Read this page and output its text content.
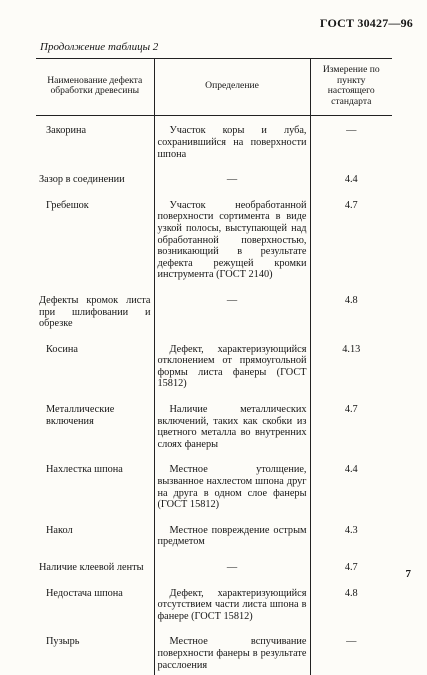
ГОСТ 30427—96
Продолжение таблицы 2
Наименование дефекта обработки древесины	Определение	Измерение по пункту настоящего стандарта

Закорина	Участок коры и луба, сохранившийся на поверхности шпона	—

Зазор в соединении	—	4.4

Гребешок	Участок необработанной поверхности сортимента в виде узкой полосы, выступающей над обработанной поверхностью, возникающий в результате дефекта режущей кромки инструмента (ГОСТ 2140)	4.7

Дефекты кромок листа при шлифовании и обрезке	—	4.8

Косина	Дефект, характеризующийся отклонением от прямоугольной формы листа фанеры (ГОСТ 15812)	4.13

Металлические включения	Наличие металлических включений, таких как скобки из цветного металла во внутренних слоях фанеры	4.7

Нахлестка шпона	Местное утолщение, вызванное нахлестом шпона друг на друга в одном слое фанеры (ГОСТ 15812)	4.4

Накол	Местное повреждение острым предметом	4.3

Наличие клеевой ленты	—	4.7

Недостача шпона	Дефект, характеризующийся отсутствием части листа шпона в фанере (ГОСТ 15812)	4.8

Пузырь	Местное вспучивание поверхности фанеры в результате расслоения	—
7
